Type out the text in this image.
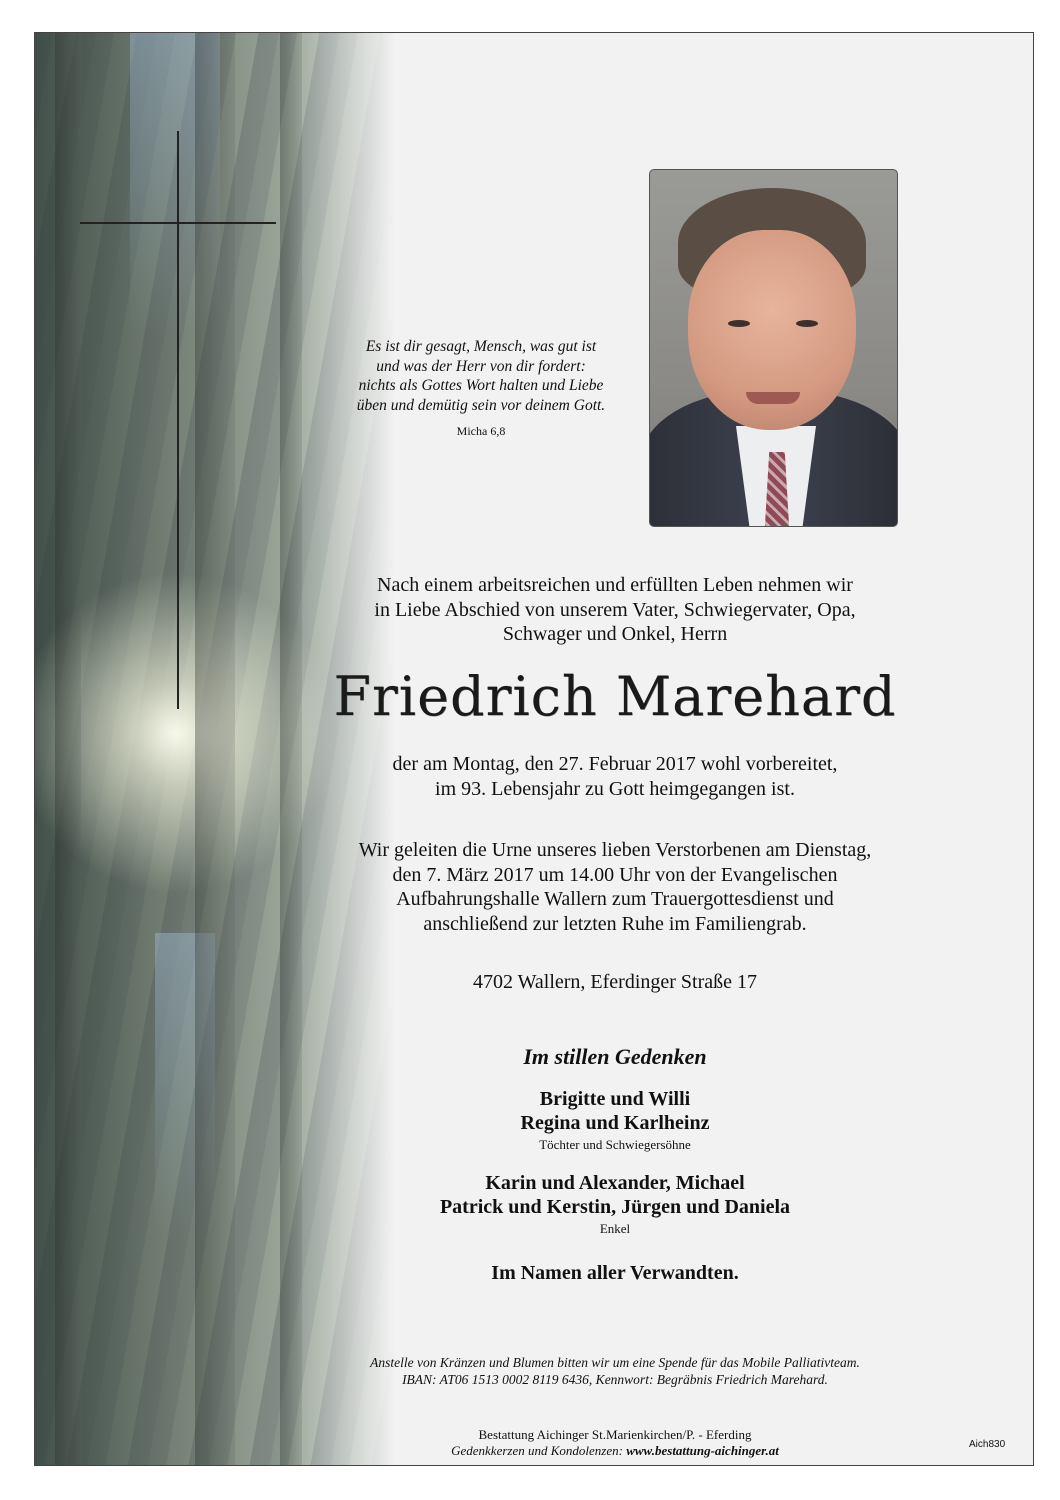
Es ist dir gesagt, Mensch, was gut ist
und was der Herr von dir fordert:
nichts als Gottes Wort halten und Liebe
üben und demütig sein vor deinem Gott.
Micha 6,8
Nach einem arbeitsreichen und erfüllten Leben nehmen wir
in Liebe Abschied von unserem Vater, Schwiegervater, Opa,
Schwager und Onkel, Herrn
Friedrich Marehard
der am Montag, den 27. Februar 2017 wohl vorbereitet,
im 93. Lebensjahr zu Gott heimgegangen ist.
Wir geleiten die Urne unseres lieben Verstorbenen am Dienstag,
den 7. März 2017 um 14.00 Uhr von der Evangelischen
Aufbahrungshalle Wallern zum Trauergottesdienst und
anschließend zur letzten Ruhe im Familiengrab.
4702 Wallern, Eferdinger Straße 17
Im stillen Gedenken
Brigitte und Willi
Regina und Karlheinz
Töchter und Schwiegersöhne
Karin und Alexander, Michael
Patrick und Kerstin, Jürgen und Daniela
Enkel
Im Namen aller Verwandten.
Anstelle von Kränzen und Blumen bitten wir um eine Spende für das Mobile Palliativteam.
IBAN: AT06 1513 0002 8119 6436, Kennwort: Begräbnis Friedrich Marehard.
Bestattung Aichinger St.Marienkirchen/P. - Eferding
Gedenkkerzen und Kondolenzen: www.bestattung-aichinger.at	Aich830
